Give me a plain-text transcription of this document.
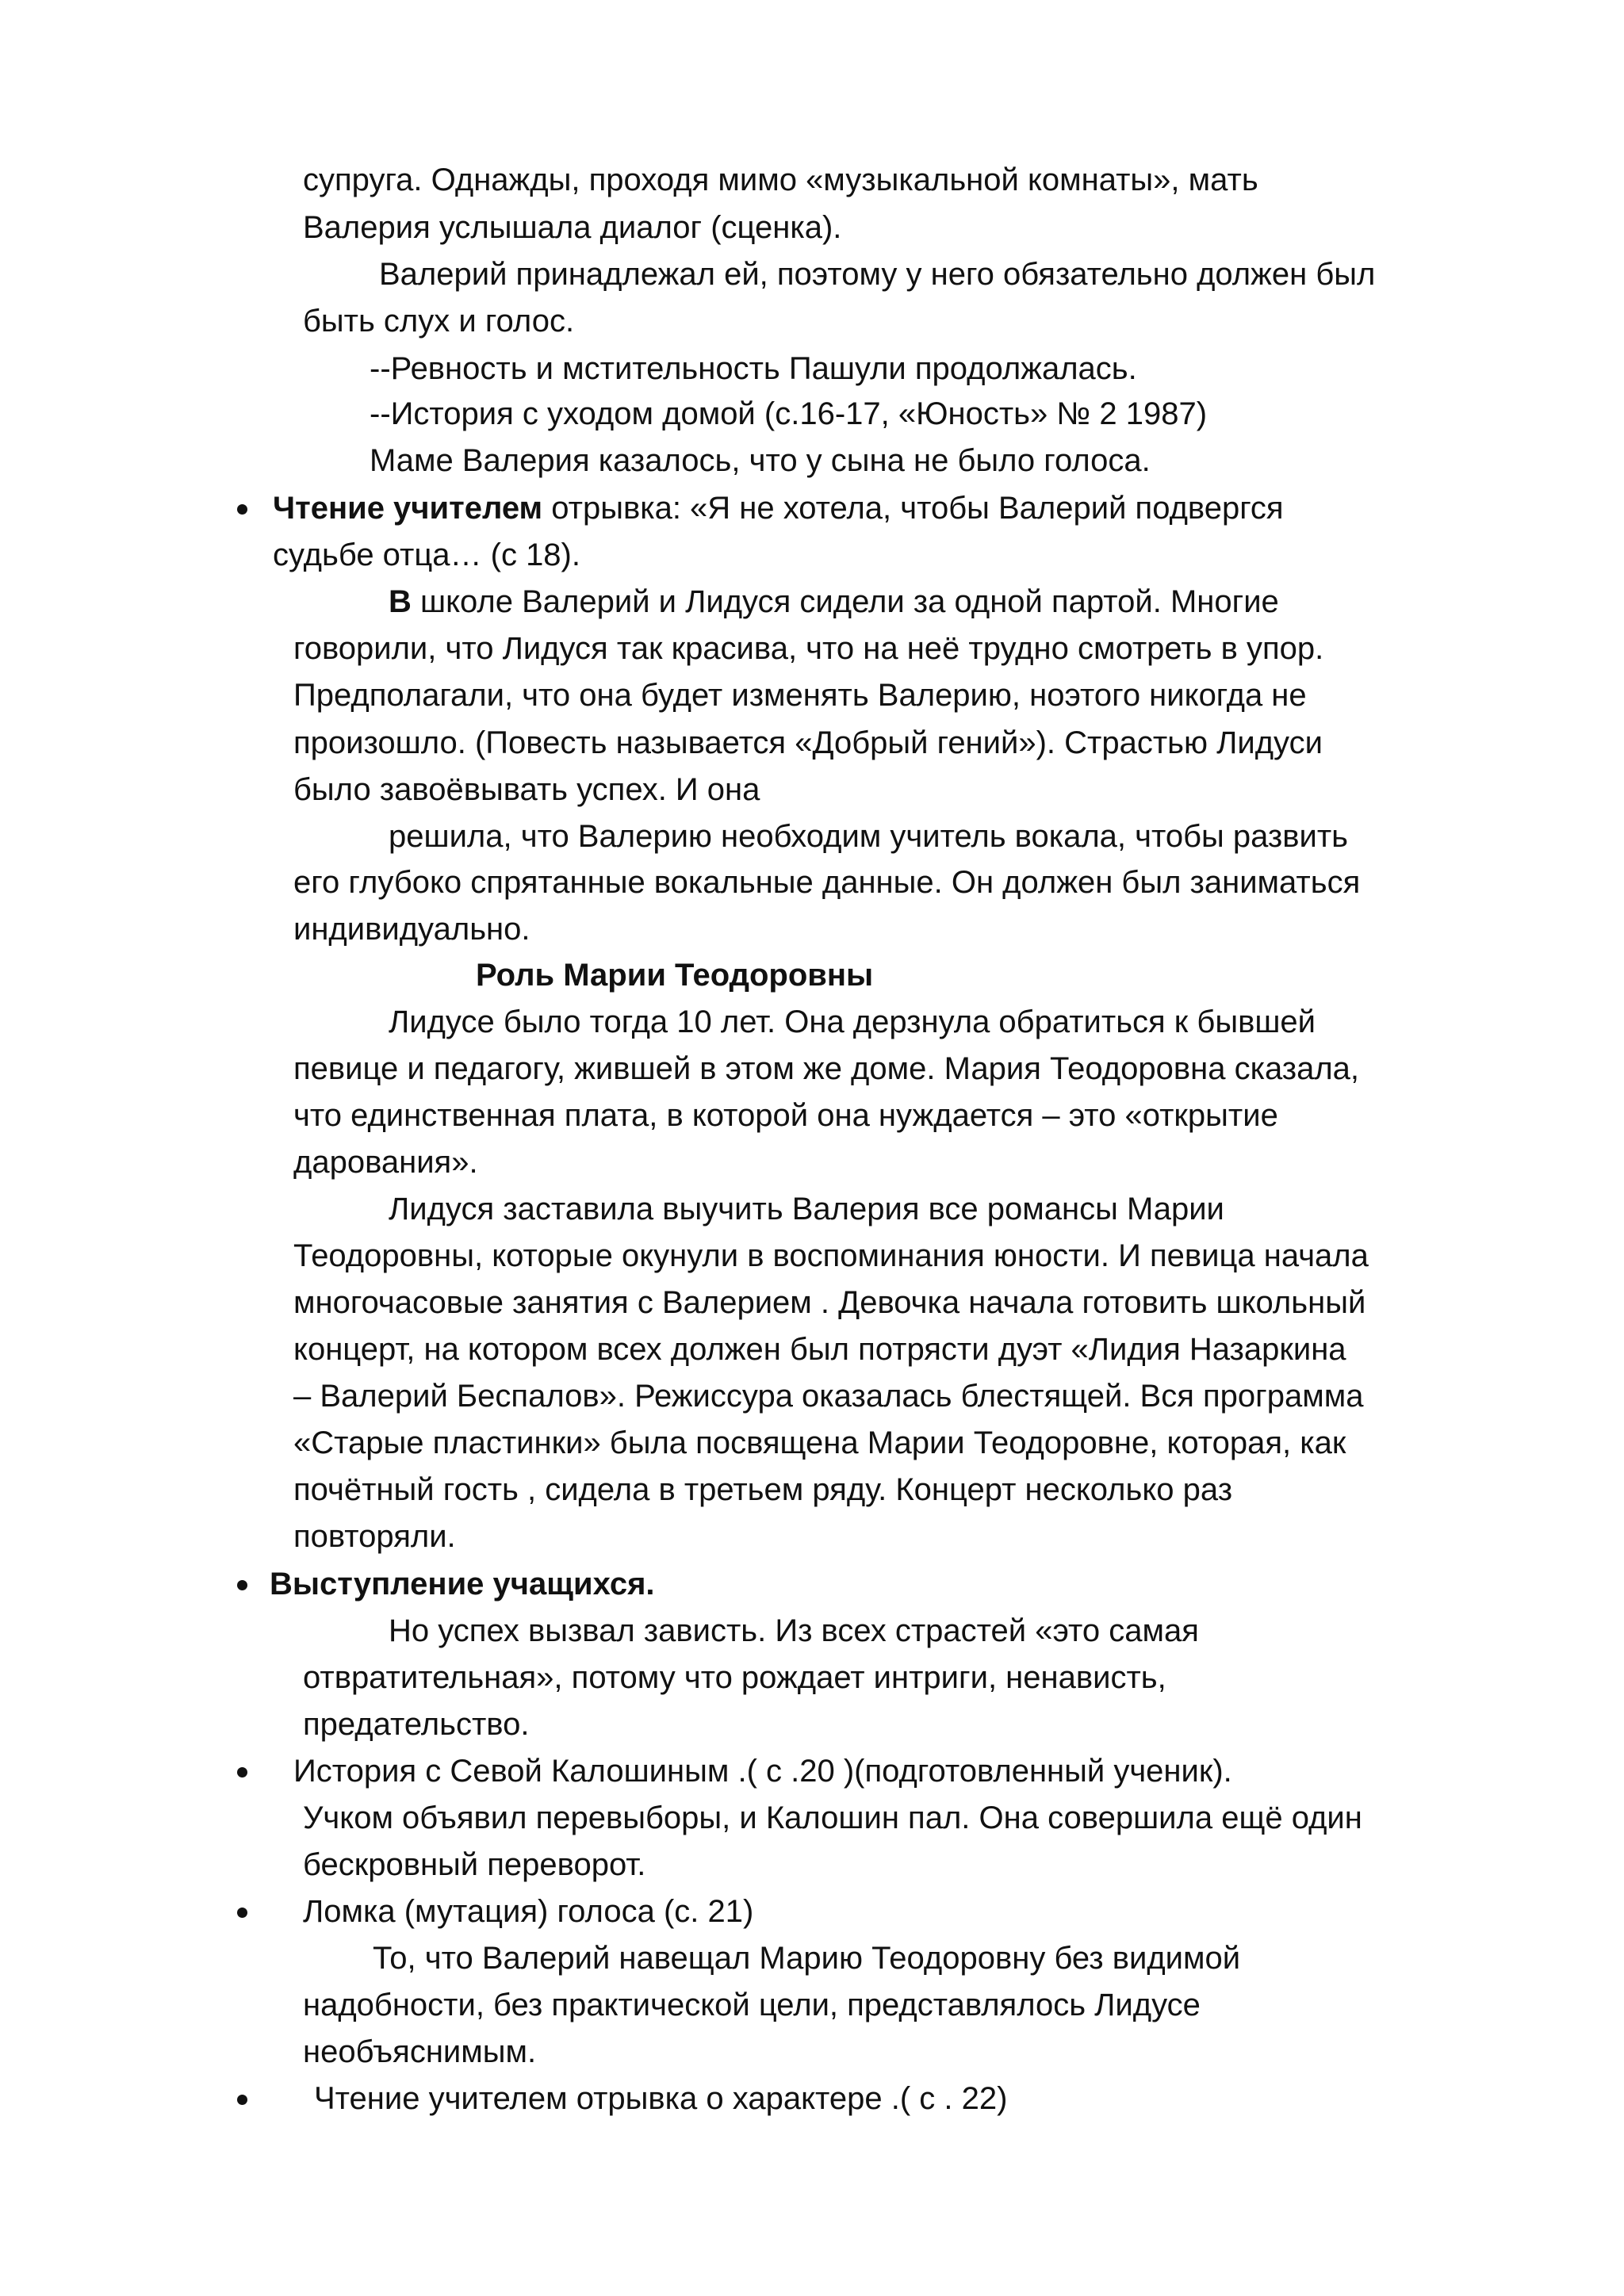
супруга. Однажды, проходя мимо «музыкальной комнаты», мать
Валерия услышала диалог (сценка).
Валерий принадлежал ей, поэтому у него обязательно должен был
быть слух и голос.
--Ревность и мстительность Пашули продолжалась.
--История с уходом домой (с.16-17, «Юность» № 2 1987)
Маме Валерия казалось, что у сына не было голоса.
Чтение учителем отрывка: «Я не хотела, чтобы Валерий подвергся
судьбе отца… (с 18).
В школе Валерий и Лидуся сидели за одной партой. Многие
говорили, что Лидуся так красива, что на неё трудно смотреть в упор.
Предполагали, что она будет изменять Валерию, ноэтого никогда не
произошло. (Повесть называется «Добрый гений»). Страстью Лидуси
было завоёвывать успех. И она
решила, что Валерию необходим учитель вокала, чтобы развить
его глубоко спрятанные вокальные данные. Он должен был заниматься
индивидуально.
Роль Марии Теодоровны
Лидусе было тогда 10 лет. Она дерзнула обратиться к бывшей
певице и педагогу, жившей в этом же доме. Мария Теодоровна сказала,
что единственная плата, в которой она нуждается – это «открытие
дарования».
Лидуся заставила выучить Валерия все романсы Марии
Теодоровны, которые окунули в воспоминания юности. И певица начала
многочасовые занятия с Валерием . Девочка начала готовить школьный
концерт, на котором всех должен был потрясти дуэт «Лидия Назаркина
– Валерий Беспалов». Режиссура оказалась блестящей. Вся программа
«Старые пластинки» была посвящена Марии Теодоровне, которая, как
почётный гость , сидела в третьем ряду. Концерт несколько раз
повторяли.
Выступление учащихся.
Но успех вызвал зависть. Из всех страстей «это самая
отвратительная», потому что рождает интриги, ненависть,
предательство.
История с Севой Калошиным .( с .20 )(подготовленный ученик).
Учком объявил перевыборы, и Калошин пал. Она совершила ещё один
бескровный переворот.
Ломка (мутация) голоса (с. 21)
То, что Валерий навещал Марию Теодоровну без видимой
надобности, без практической цели, представлялось Лидусе
необъяснимым.
Чтение учителем отрывка о характере .( с . 22)
